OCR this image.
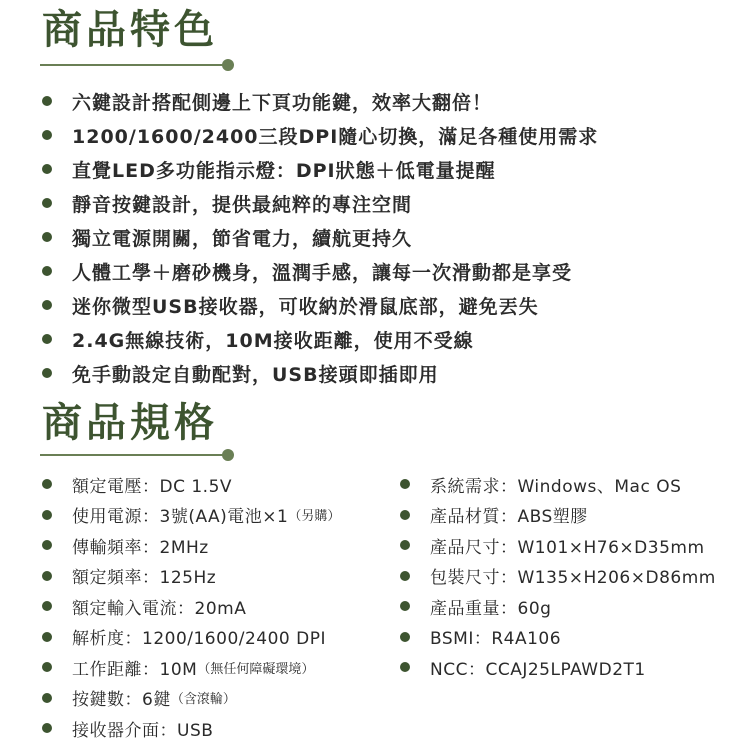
商品特色
六鍵設計搭配側邊上下頁功能鍵，效率大翻倍！
1200/1600/2400三段DPI隨心切換，滿足各種使用需求
直覺LED多功能指示燈：DPI狀態＋低電量提醒
靜音按鍵設計，提供最純粹的專注空間
獨立電源開關，節省電力，續航更持久
人體工學＋磨砂機身，溫潤手感，讓每一次滑動都是享受
迷你微型USB接收器，可收納於滑鼠底部，避免丟失
2.4G無線技術，10M接收距離，使用不受線
免手動設定自動配對，USB接頭即插即用
商品規格
額定電壓：DC 1.5V
使用電源：3號(AA)電池×1 （另購）
傳輸頻率：2MHz
額定頻率：125Hz
額定輸入電流：20mA
解析度：1200/1600/2400 DPI
工作距離：10M （無任何障礙環境）
按鍵數：6鍵 （含滾輪）
接收器介面：USB
系統需求：Windows、Mac OS
產品材質：ABS塑膠
產品尺寸：W101×H76×D35mm
包裝尺寸：W135×H206×D86mm
產品重量：60g
BSMI：R4A106
NCC：CCAJ25LPAWD2T1
